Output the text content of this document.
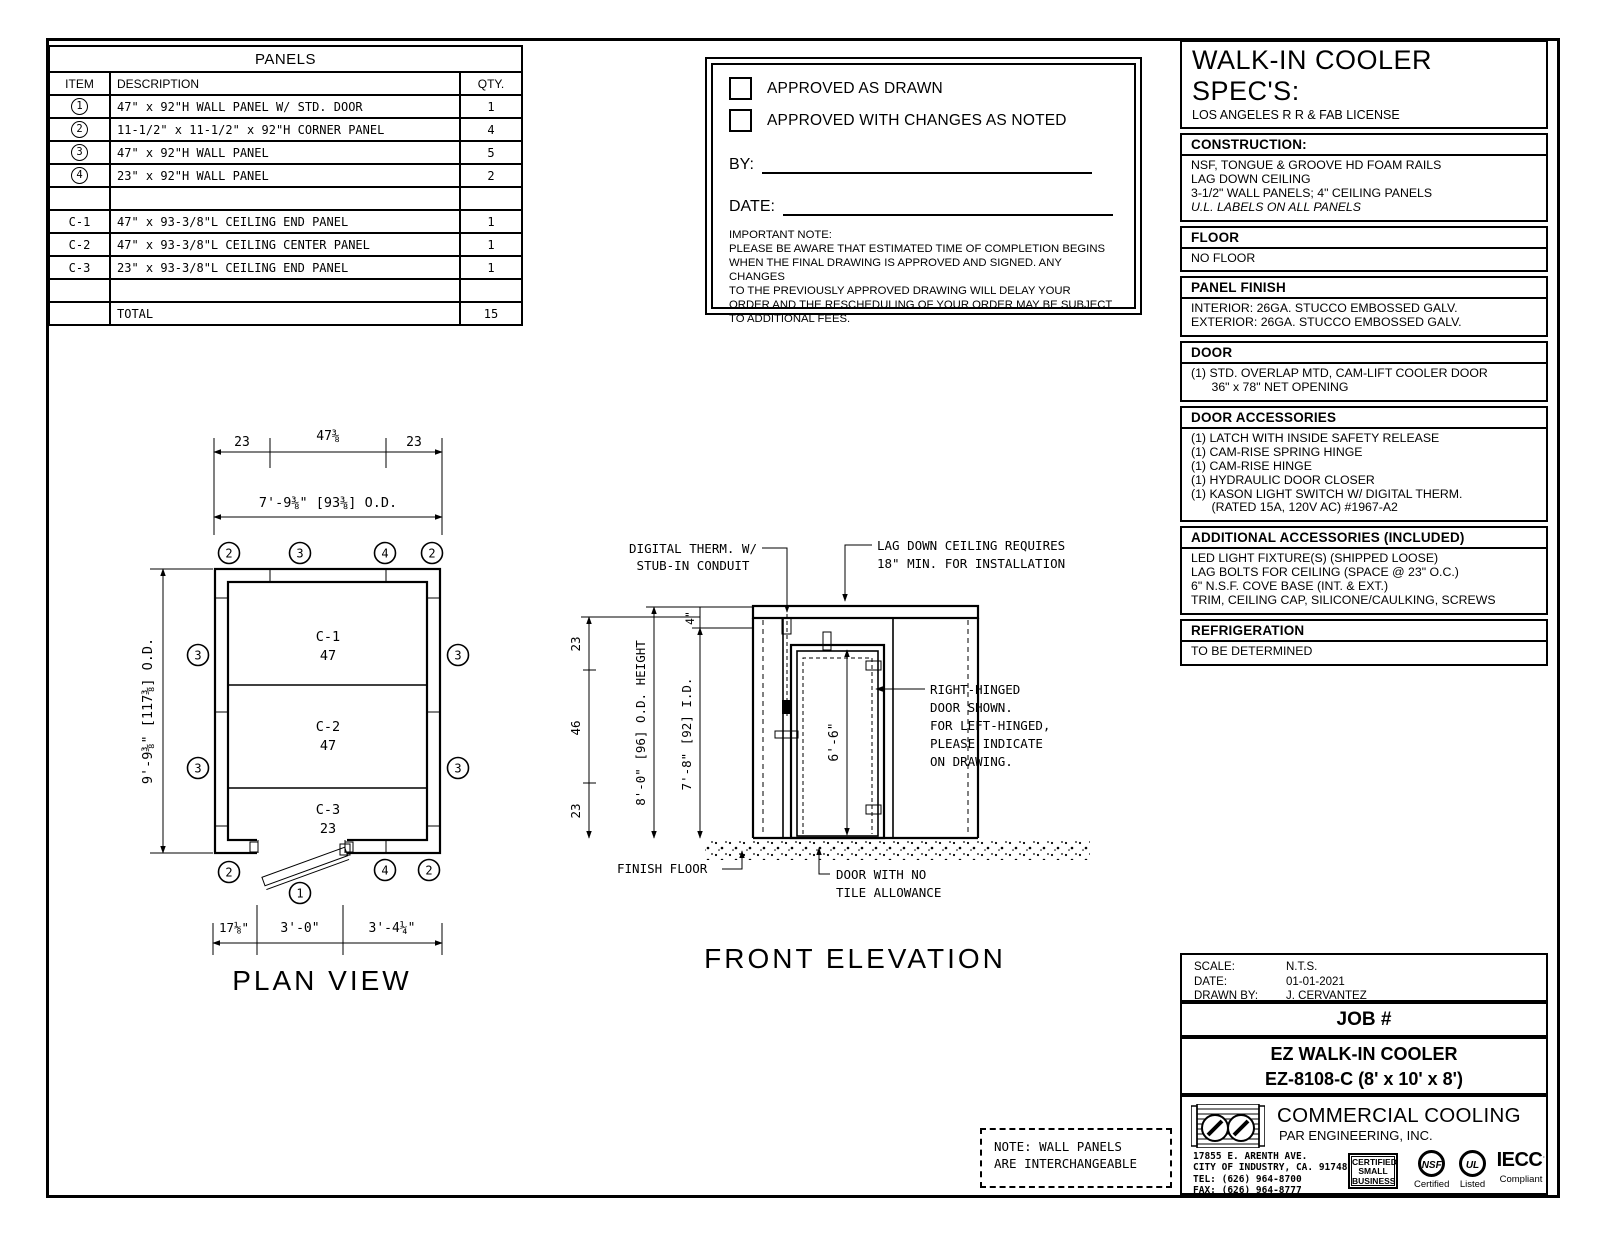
PANELS		
ITEM	DESCRIPTION	QTY.
1	47" x 92"H WALL PANEL W/ STD. DOOR	1
2	11-1/2" x 11-1/2" x 92"H CORNER PANEL	4
3	47" x 92"H WALL PANEL	5
4	23" x 92"H WALL PANEL	2

C-1	47" x 93-3/8"L CEILING END PANEL	1
C-2	47" x 93-3/8"L CEILING CENTER PANEL	1
C-3	23" x 93-3/8"L CEILING END PANEL	1

	TOTAL	15
APPROVED AS DRAWN
APPROVED WITH CHANGES AS NOTED
BY:
DATE:
IMPORTANT NOTE:
PLEASE BE AWARE THAT ESTIMATED TIME OF COMPLETION BEGINS
WHEN THE FINAL DRAWING IS APPROVED AND SIGNED. ANY CHANGES
TO THE PREVIOUSLY APPROVED DRAWING WILL DELAY YOUR
ORDER AND THE RESCHEDULING OF YOUR ORDER MAY BE SUBJECT
TO ADDITIONAL FEES.
WALK-IN COOLER SPEC'S:
LOS ANGELES R R & FAB LICENSE
CONSTRUCTION:
NSF, TONGUE & GROOVE HD FOAM RAILS
LAG DOWN CEILING
3-1/2" WALL PANELS; 4" CEILING PANELS
U.L. LABELS ON ALL PANELS
FLOOR
NO FLOOR
PANEL FINISH
INTERIOR: 26GA. STUCCO EMBOSSED GALV.
EXTERIOR: 26GA. STUCCO EMBOSSED GALV.
DOOR
(1) STD. OVERLAP MTD, CAM-LIFT COOLER DOOR
36" x 78" NET OPENING
DOOR ACCESSORIES
(1) LATCH WITH INSIDE SAFETY RELEASE
(1) CAM-RISE SPRING HINGE
(1) CAM-RISE HINGE
(1) HYDRAULIC DOOR CLOSER
(1) KASON LIGHT SWITCH W/ DIGITAL THERM.
(RATED 15A, 120V AC) #1967-A2
ADDITIONAL ACCESSORIES (INCLUDED)
LED LIGHT FIXTURE(S) (SHIPPED LOOSE)
LAG BOLTS FOR CEILING (SPACE @ 23" O.C.)
6" N.S.F. COVE BASE (INT. & EXT.)
TRIM, CEILING CAP, SILICONE/CAULKING, SCREWS
REFRIGERATION
TO BE DETERMINED
23	47⅜	23
7'-9⅜" [93⅜] O.D.
2	3	4	2
C-1
47
C-2
47
C-3
23
3
3
3
3
9'-9⅜" [117⅜] O.D.
2	4	2
1
17⅛" 3'-0"	3'-4¼"
PLAN VIEW
6'-6"
23
46
23
8'-0" [96] O.D. HEIGHT 7'-8" [92] I.D.
4"
DIGITAL THERM. W/
STUB-IN CONDUIT
LAG DOWN CEILING REQUIRES
18" MIN. FOR INSTALLATION
RIGHT-HINGED
DOOR SHOWN.
FOR LEFT-HINGED,
PLEASE INDICATE
ON DRAWING.
FINISH FLOOR	DOOR WITH NO
TILE ALLOWANCE
FRONT ELEVATION
NOTE: WALL PANELS
ARE INTERCHANGEABLE
SCALE:	N.T.S.
DATE:	01-01-2021
DRAWN BY: J. CERVANTEZ
JOB #
EZ WALK-IN COOLER
EZ-8108-C (8' x 10' x 8')
COMMERCIAL COOLING
PAR ENGINEERING, INC.
17855 E. ARENTH AVE.
CITY OF INDUSTRY, CA. 91748
TEL: (626) 964-8700
FAX: (626) 964-8777
CERTIFIED
SMALL
BUSINESS
NSF
Certified
UL
Listed
IECC·
Compliant
